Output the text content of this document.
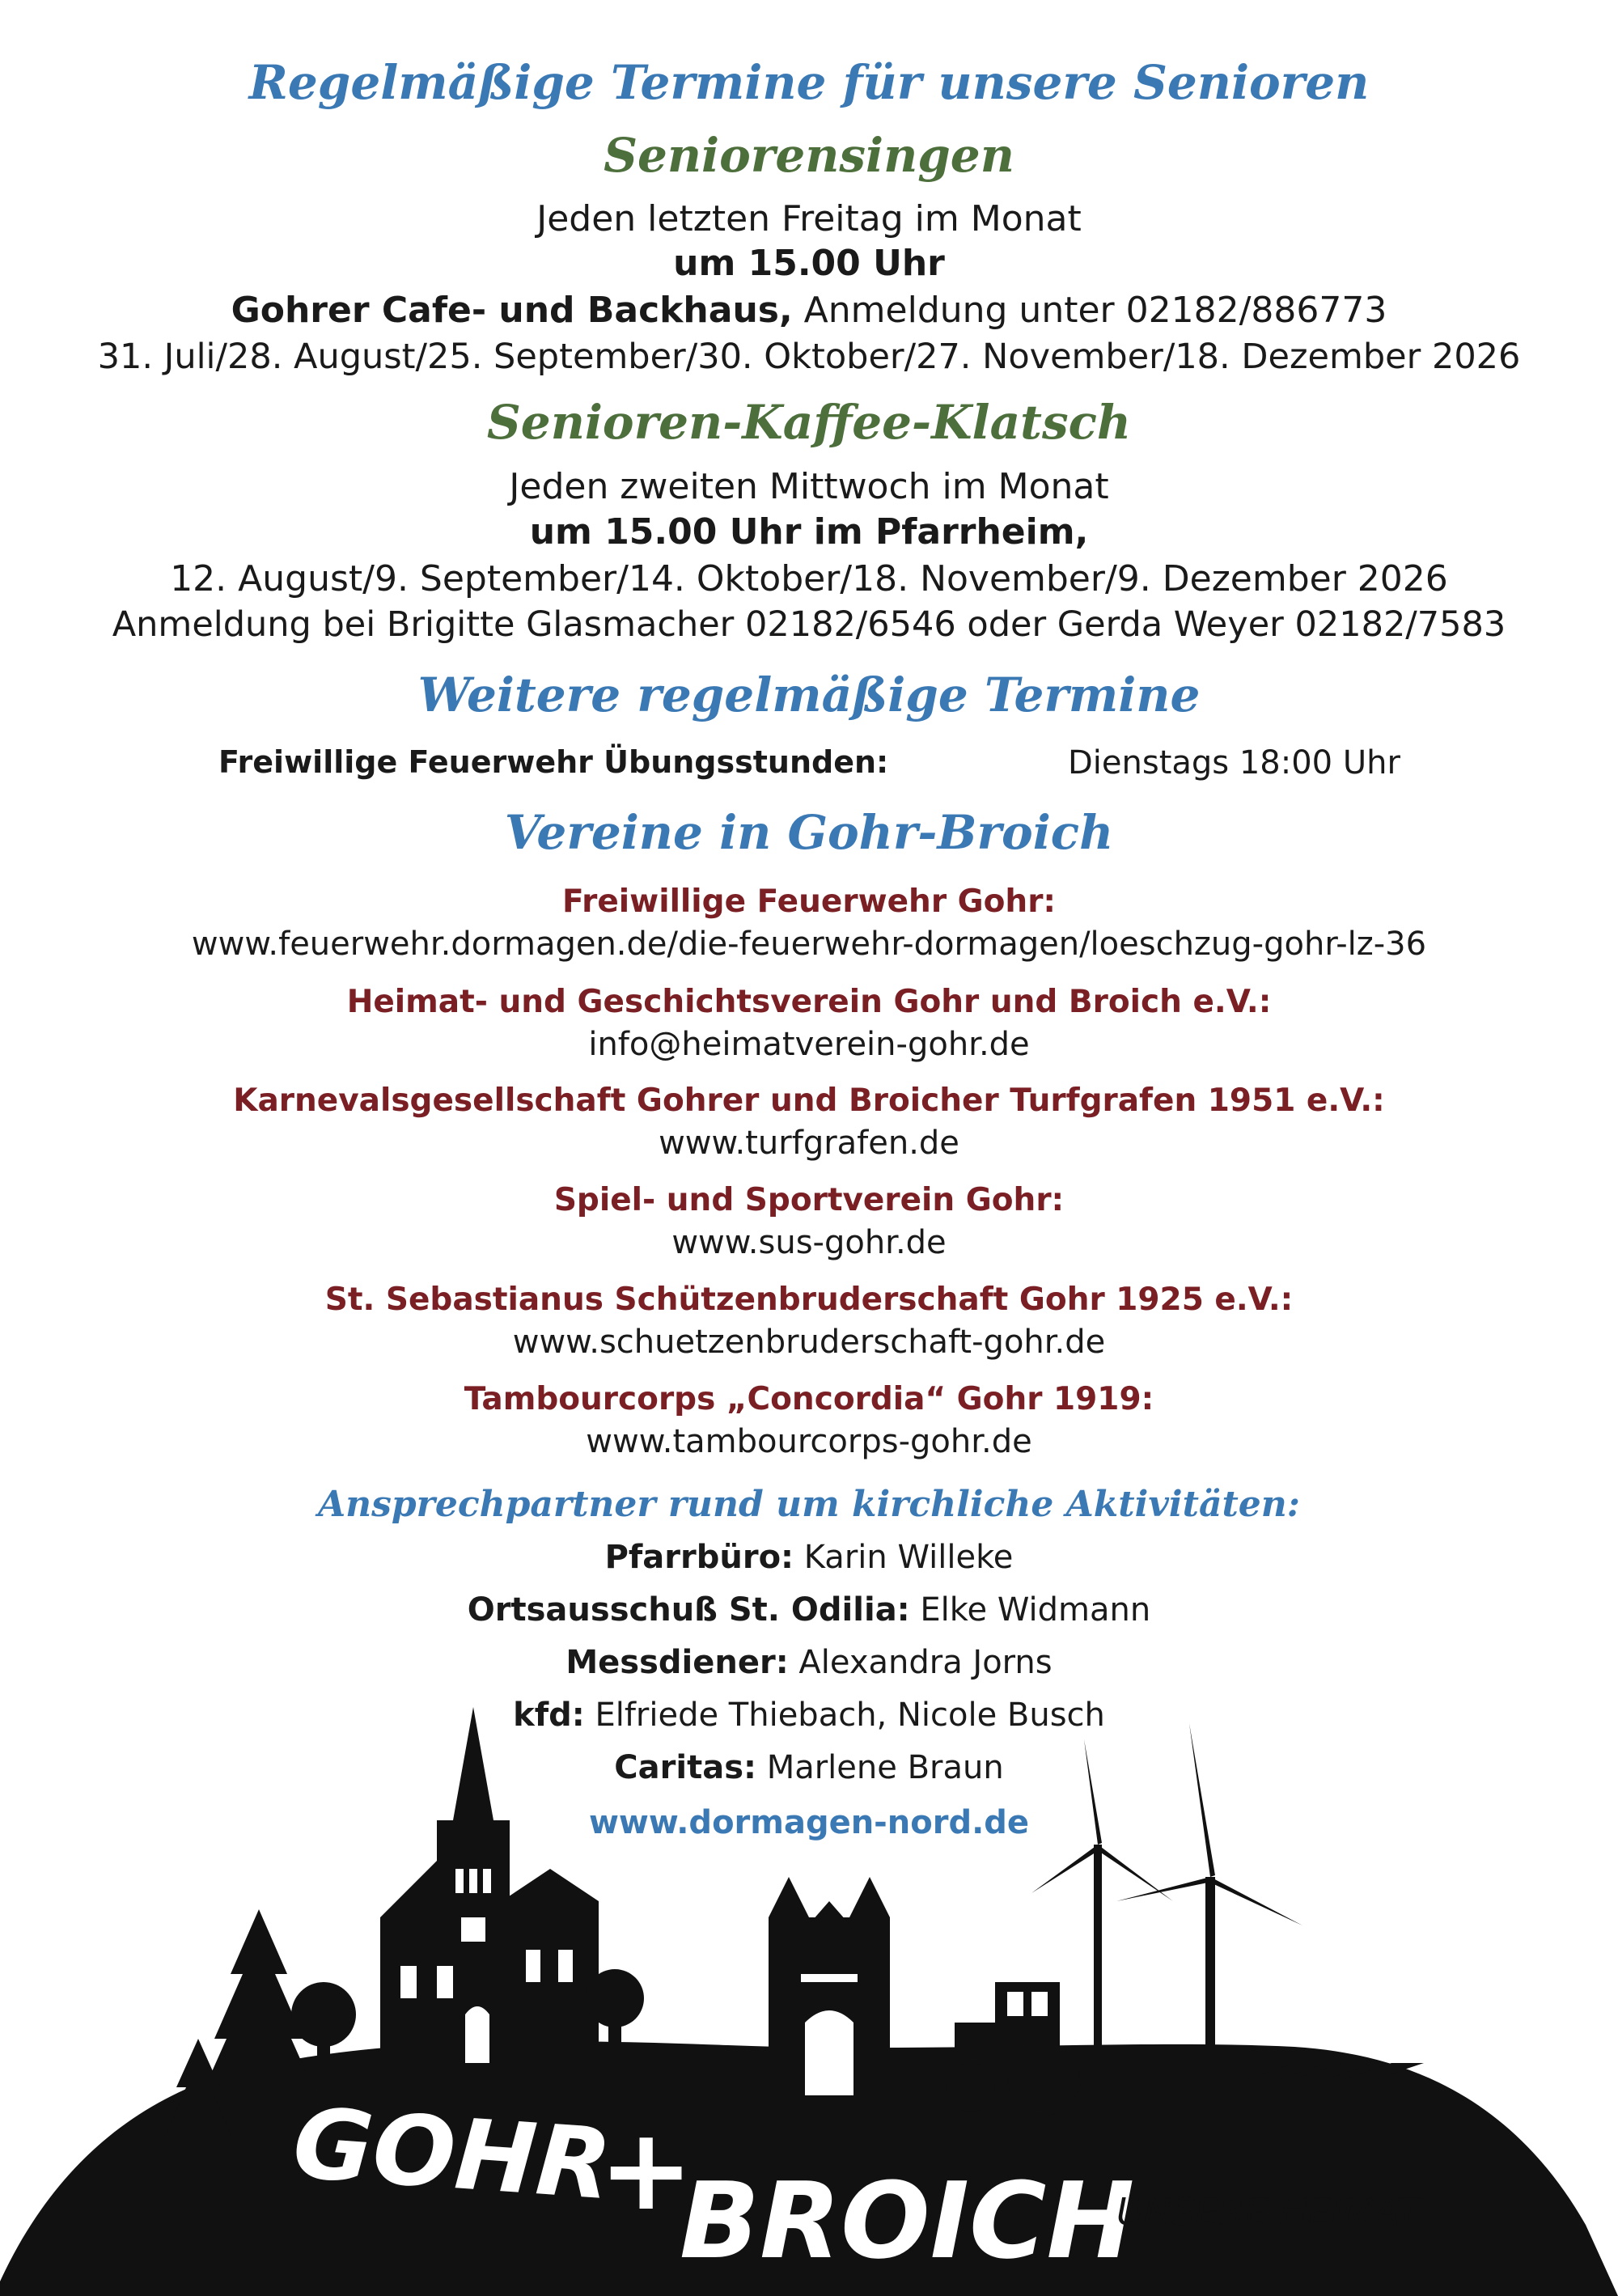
Regelmäßige Termine für unsere Senioren
Seniorensingen
Jeden letzten Freitag im Monat
um 15.00 Uhr
Gohrer Cafe- und Backhaus, Anmeldung unter 02182/886773
31. Juli/28. August/25. September/30. Oktober/27. November/18. Dezember 2026
Senioren-Kaffee-Klatsch
Jeden zweiten Mittwoch im Monat
um 15.00 Uhr im Pfarrheim,
12. August/9. September/14. Oktober/18. November/9. Dezember 2026
Anmeldung bei Brigitte Glasmacher 02182/6546 oder Gerda Weyer 02182/7583
Weitere regelmäßige Termine
Freiwillige Feuerwehr Übungsstunden:	Dienstags 18:00 Uhr
Vereine in Gohr-Broich
Freiwillige Feuerwehr Gohr:
www.feuerwehr.dormagen.de/die-feuerwehr-dormagen/loeschzug-gohr-lz-36
Heimat- und Geschichtsverein Gohr und Broich e.V.:
info@heimatverein-gohr.de
Karnevalsgesellschaft Gohrer und Broicher Turfgrafen 1951 e.V.:
www.turfgrafen.de
Spiel- und Sportverein Gohr:
www.sus-gohr.de
St. Sebastianus Schützenbruderschaft Gohr 1925 e.V.:
www.schuetzenbruderschaft-gohr.de
Tambourcorps „Concordia“ Gohr 1919:
www.tambourcorps-gohr.de
Ansprechpartner rund um kirchliche Aktivitäten:
Pfarrbüro: Karin Willeke
Ortsausschuß St. Odilia: Elke Widmann
Messdiener: Alexandra Jorns
kfd: Elfriede Thiebach, Nicole Busch
Caritas: Marlene Braun
www.dormagen-nord.de
GOHR
+
BROICH
UNSERE HEIMAT
